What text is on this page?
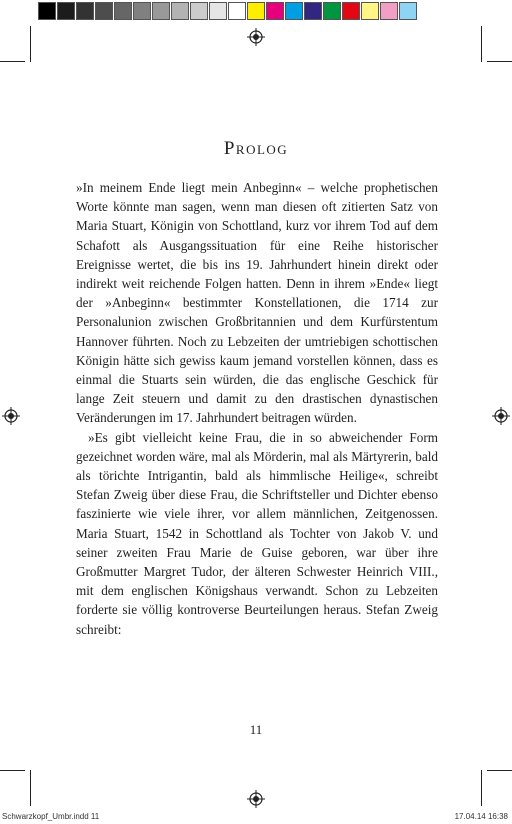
Prolog

»In meinem Ende liegt mein Anbeginn« – welche prophetischen Worte könnte man sagen, wenn man diesen oft zitierten Satz von Maria Stuart, Königin von Schottland, kurz vor ihrem Tod auf dem Schafott als Ausgangssituation für eine Reihe historischer Ereignisse wertet, die bis ins 19. Jahrhundert hinein direkt oder indirekt weit reichende Folgen hatten. Denn in ihrem »Ende« liegt der »Anbeginn« bestimmter Konstellationen, die 1714 zur Personalunion zwischen Großbritannien und dem Kurfürstentum Hannover führten. Noch zu Lebzeiten der umtriebigen schottischen Königin hätte sich gewiss kaum jemand vorstellen können, dass es einmal die Stuarts sein würden, die das englische Geschick für lange Zeit steuern und damit zu den drastischen dynastischen Veränderungen im 17. Jahrhundert beitragen würden.

»Es gibt vielleicht keine Frau, die in so abweichender Form gezeichnet worden wäre, mal als Mörderin, mal als Märtyrerin, bald als törichte Intrigantin, bald als himmlische Heilige«, schreibt Stefan Zweig über diese Frau, die Schriftsteller und Dichter ebenso faszinierte wie viele ihrer, vor allem männlichen, Zeitgenossen. Maria Stuart, 1542 in Schottland als Tochter von Jakob V. und seiner zweiten Frau Marie de Guise geboren, war über ihre Großmutter Margret Tudor, der älteren Schwester Heinrich VIII., mit dem englischen Königshaus verwandt. Schon zu Lebzeiten forderte sie völlig kontroverse Beurteilungen heraus. Stefan Zweig schreibt:

11
Schwarzkopf_Umbr.indd 11	17.04.14 16:38
